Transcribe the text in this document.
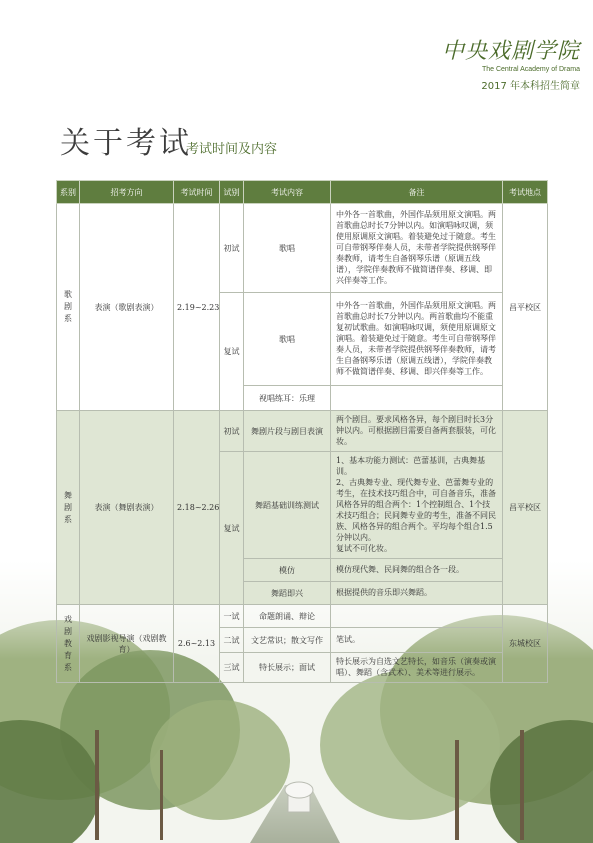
中央戏剧学院
The Central Academy of Drama
2017 年本科招生简章
关于考试
考试时间及内容
系别	招考方向	考试时间	试别	考试内容	备注	考试地点
歌剧系	表演（歌剧表演）	2.19~2.23	初试	歌唱	中外各一首歌曲，外国作品须用原文演唱。两首歌曲总时长7分钟以内。如演唱咏叹调，须使用原调原文演唱。着装避免过于随意。考生可自带钢琴伴奏人员，未带者学院提供钢琴伴奏教师，请考生自备钢琴乐谱（原调五线谱），学院伴奏教师不做简谱伴奏、移调、即兴伴奏等工作。	昌平校区
			复试	歌唱	中外各一首歌曲，外国作品须用原文演唱。两首歌曲总时长7分钟以内。两首歌曲均不能重复初试歌曲。如演唱咏叹调，须使用原调原文演唱。着装避免过于随意。考生可自带钢琴伴奏人员，未带者学院提供钢琴伴奏教师，请考生自备钢琴乐谱（原调五线谱），学院伴奏教师不做简谱伴奏、移调、即兴伴奏等工作。	
				视唱练耳：乐理		
舞剧系	表演（舞剧表演）	2.18~2.26	初试	舞剧片段与剧目表演	两个剧目。要求风格各异，每个剧目时长3分钟以内。可根据剧目需要自备两套服装，可化妆。	昌平校区
			复试	舞蹈基础训练测试	1、基本功能力测试：芭蕾基训，古典舞基训。
2、古典舞专业、现代舞专业、芭蕾舞专业的考生，在技术技巧组合中，可自备音乐，准备风格各异的组合两个：1个控制组合、1个技术技巧组合；民间舞专业的考生，准备不同民族、风格各异的组合两个。平均每个组合1.5分钟以内。
复试不可化妆。	
				模仿	模仿现代舞、民间舞的组合各一段。	
				舞蹈即兴	根据提供的音乐即兴舞蹈。	
戏剧教育系	戏剧影视导演（戏剧教育）	2.6~2.13	一试	命题朗诵、辩论		东城校区
			二试	文艺常识；散文写作	笔试。	
			三试	特长展示；面试	特长展示为自选文艺特长，如音乐（演奏或演唱）、舞蹈（含武术）、美术等进行展示。	
